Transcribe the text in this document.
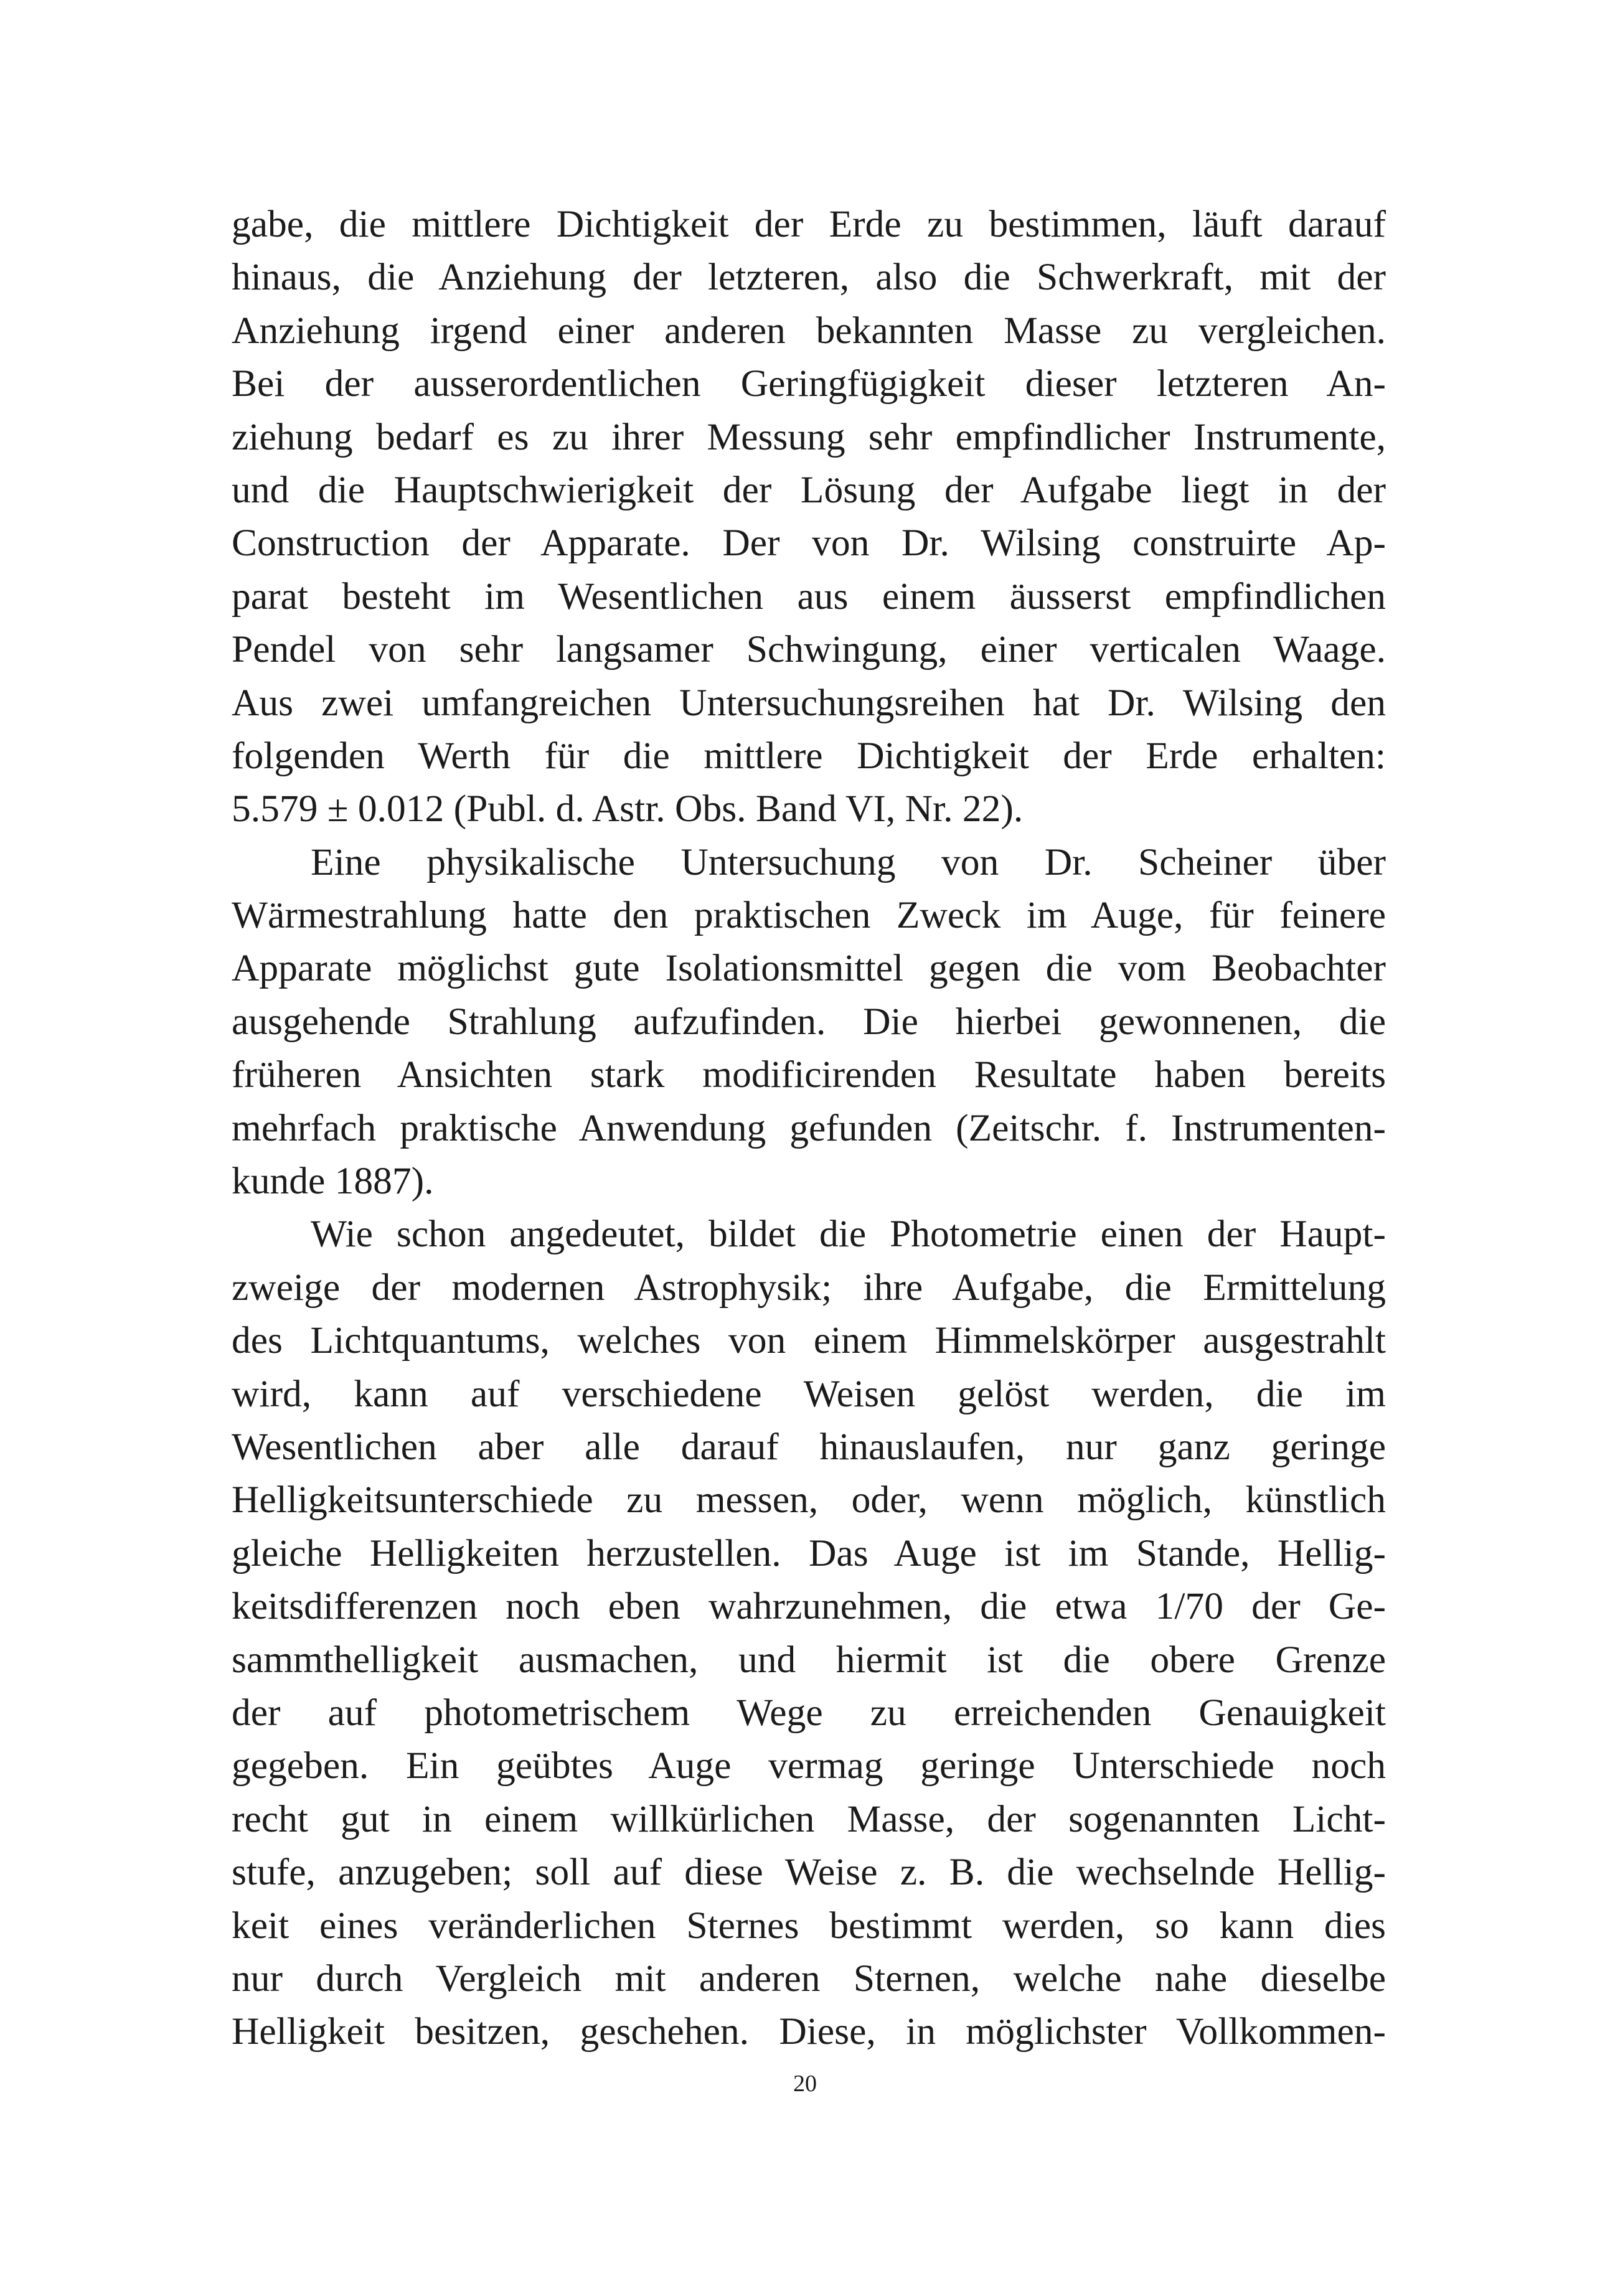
gabe, die mittlere Dichtigkeit der Erde zu bestimmen, läuft darauf
hinaus, die Anziehung der letzteren, also die Schwerkraft, mit der
Anziehung irgend einer anderen bekannten Masse zu vergleichen.
Bei der ausserordentlichen Geringfügigkeit dieser letzteren An-
ziehung bedarf es zu ihrer Messung sehr empfindlicher Instrumente,
und die Hauptschwierigkeit der Lösung der Aufgabe liegt in der
Construction der Apparate. Der von Dr. Wilsing construirte Ap-
parat besteht im Wesentlichen aus einem äusserst empfindlichen
Pendel von sehr langsamer Schwingung, einer verticalen Waage.
Aus zwei umfangreichen Untersuchungsreihen hat Dr. Wilsing den
folgenden Werth für die mittlere Dichtigkeit der Erde erhalten:
5.579 ± 0.012 (Publ. d. Astr. Obs. Band VI, Nr. 22).
Eine physikalische Untersuchung von Dr. Scheiner über
Wärmestrahlung hatte den praktischen Zweck im Auge, für feinere
Apparate möglichst gute Isolationsmittel gegen die vom Beobachter
ausgehende Strahlung aufzufinden. Die hierbei gewonnenen, die
früheren Ansichten stark modificirenden Resultate haben bereits
mehrfach praktische Anwendung gefunden (Zeitschr. f. Instrumenten-
kunde 1887).
Wie schon angedeutet, bildet die Photometrie einen der Haupt-
zweige der modernen Astrophysik; ihre Aufgabe, die Ermittelung
des Lichtquantums, welches von einem Himmelskörper ausgestrahlt
wird, kann auf verschiedene Weisen gelöst werden, die im
Wesentlichen aber alle darauf hinauslaufen, nur ganz geringe
Helligkeitsunterschiede zu messen, oder, wenn möglich, künstlich
gleiche Helligkeiten herzustellen. Das Auge ist im Stande, Hellig-
keitsdifferenzen noch eben wahrzunehmen, die etwa 1/70 der Ge-
sammthelligkeit ausmachen, und hiermit ist die obere Grenze
der auf photometrischem Wege zu erreichenden Genauigkeit
gegeben. Ein geübtes Auge vermag geringe Unterschiede noch
recht gut in einem willkürlichen Masse, der sogenannten Licht-
stufe, anzugeben; soll auf diese Weise z. B. die wechselnde Hellig-
keit eines veränderlichen Sternes bestimmt werden, so kann dies
nur durch Vergleich mit anderen Sternen, welche nahe dieselbe
Helligkeit besitzen, geschehen. Diese, in möglichster Vollkommen-
20
